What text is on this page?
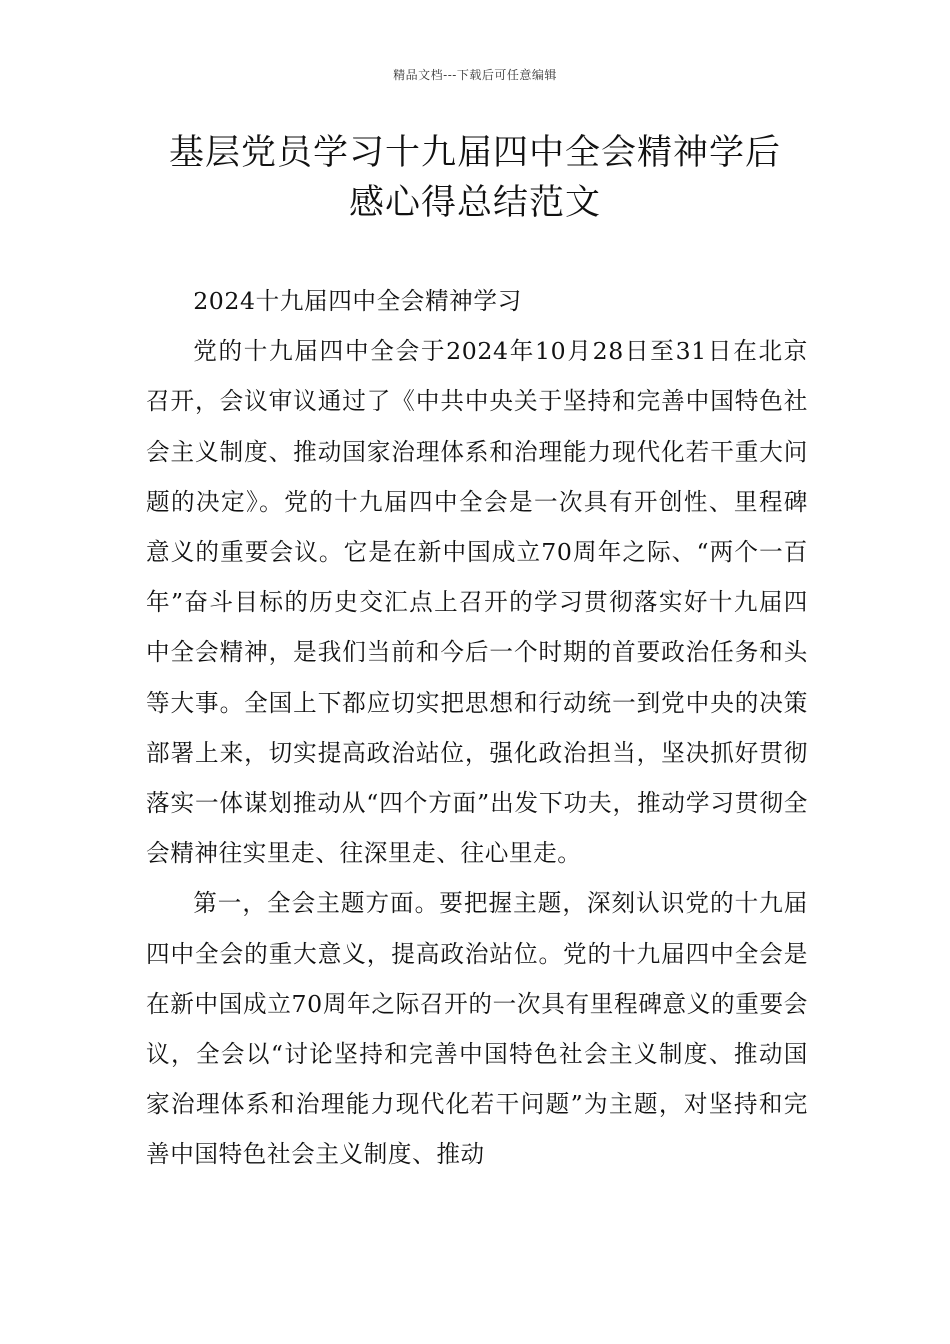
精品文档---下载后可任意编辑
基层党员学习十九届四中全会精神学后
感心得总结范文

2024十九届四中全会精神学习

党的十九届四中全会于2024年10月28日至31日在北京召开，会议审议通过了《中共中央关于坚持和完善中国特色社会主义制度、推动国家治理体系和治理能力现代化若干重大问题的决定》。党的十九届四中全会是一次具有开创性、里程碑意义的重要会议。它是在新中国成立70周年之际、“两个一百年”奋斗目标的历史交汇点上召开的学习贯彻落实好十九届四中全会精神，是我们当前和今后一个时期的首要政治任务和头等大事。全国上下都应切实把思想和行动统一到党中央的决策部署上来，切实提高政治站位，强化政治担当，坚决抓好贯彻落实一体谋划推动从“四个方面”出发下功夫，推动学习贯彻全会精神往实里走、往深里走、往心里走。

第一，全会主题方面。要把握主题，深刻认识党的十九届四中全会的重大意义，提高政治站位。党的十九届四中全会是在新中国成立70周年之际召开的一次具有里程碑意义的重要会议，全会以“讨论坚持和完善中国特色社会主义制度、推动国家治理体系和治理能力现代化若干问题”为主题，对坚持和完善中国特色社会主义制度、推动
